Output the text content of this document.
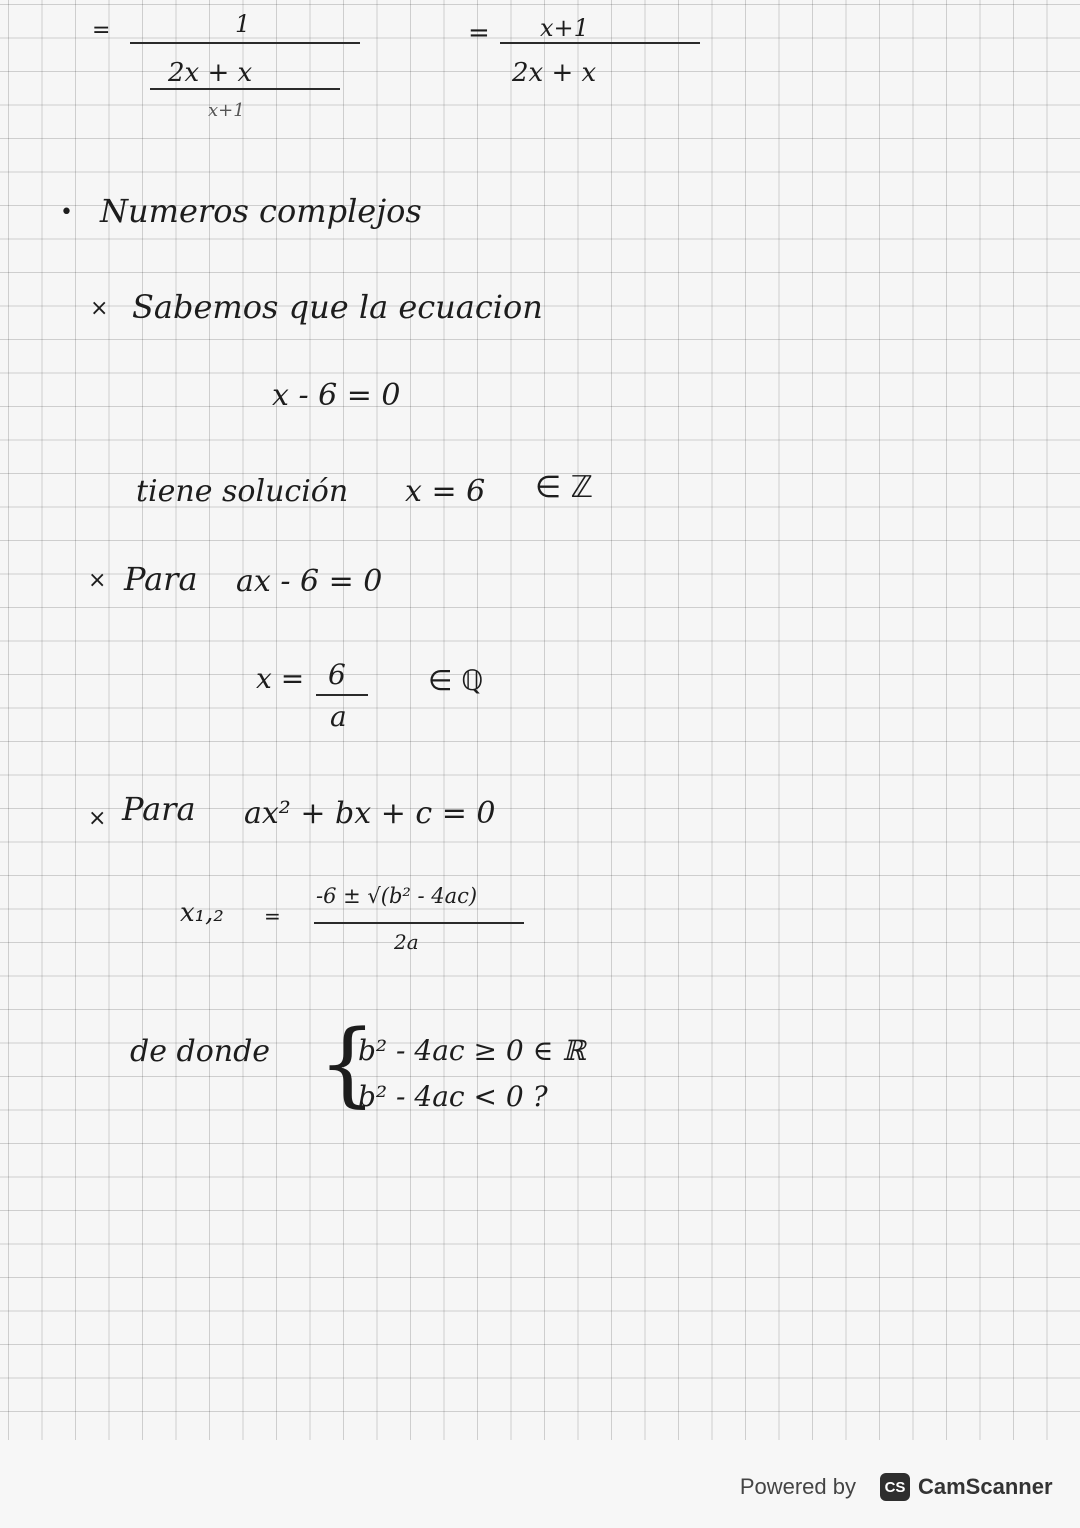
=	1
2x + x
x+1
= x+1
2x + x
• Numeros complejos
× Sabemos que la ecuacion
x - 6 = 0
tiene solución x = 6 ∈ ℤ
× Para ax - 6 = 0
x = 6
a
∈ ℚ
× Para ax² + bx + c = 0
x₁,₂ =
-6 ± √(b² - 4ac)
2a
de donde {
b² - 4ac ≥ 0 ∈ ℝ
b² - 4ac < 0 ?
Powered by	CS CamScanner
